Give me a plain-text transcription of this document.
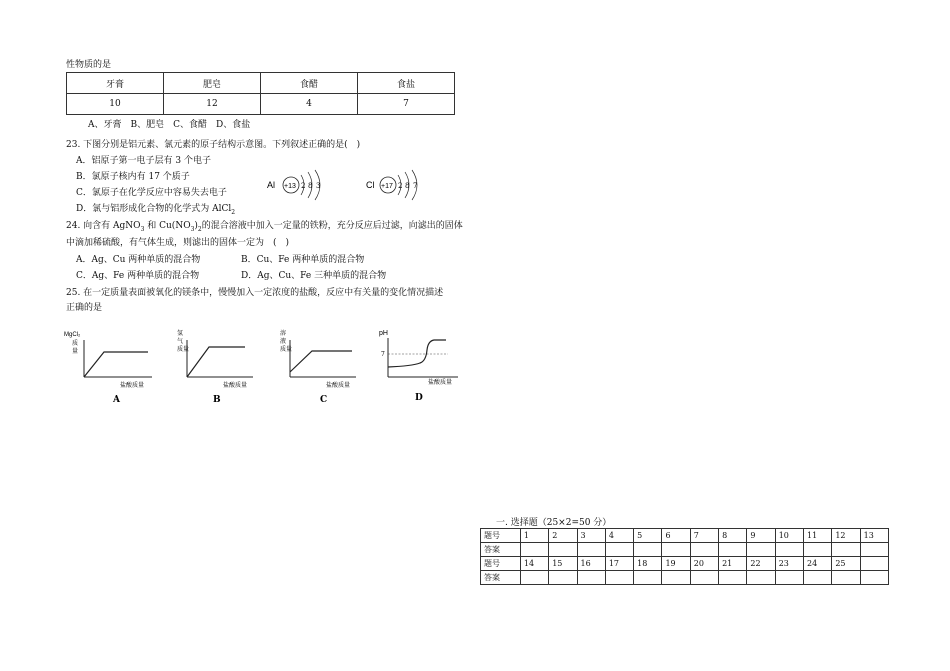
性物质的是
牙膏	肥皂	食醋	食盐
10	12	4	7
A、牙膏　B、肥皂　C、食醋　D、食盐
23. 下图分别是铝元素、氯元素的原子结构示意图。下列叙述正确的是(　)
A．铝原子第一电子层有 3 个电子
B．氯原子核内有 17 个质子
C．氯原子在化学反应中容易失去电子
D．氯与铝形成化合物的化学式为 AlCl$_2$
Al +13 2 8 3	Cl +17 2 8 7
24. 向含有 AgNO$_3$ 和 $Cu(NO_3)_2$的混合溶液中加入一定量的铁粉，充分反应后过滤，向滤出的固体
中滴加稀硫酸，有气体生成，则滤出的固体一定为　(　)
A．Ag、Cu 两种单质的混合物	B．Cu、Fe 两种单质的混合物
C．Ag、Fe 两种单质的混合物	D．Ag、Cu、Fe 三种单质的混合物
25. 在一定质量表面被氧化的镁条中，慢慢加入一定浓度的盐酸，反应中有关量的变化情况描述
正确的是
MgCl₂
质
量
盐酸质量
A
氢
气
质量
盐酸质量
B
溶
液
质量
盐酸质量
C
pH
7
盐酸质量
D
一. 选择题（25×2=50 分）
题号	1	2	3	4	5	6	7	8	9	10	11	12	13
答案													
题号	14	15	16	17	18	19	20	21	22	23	24	25	
答案													
